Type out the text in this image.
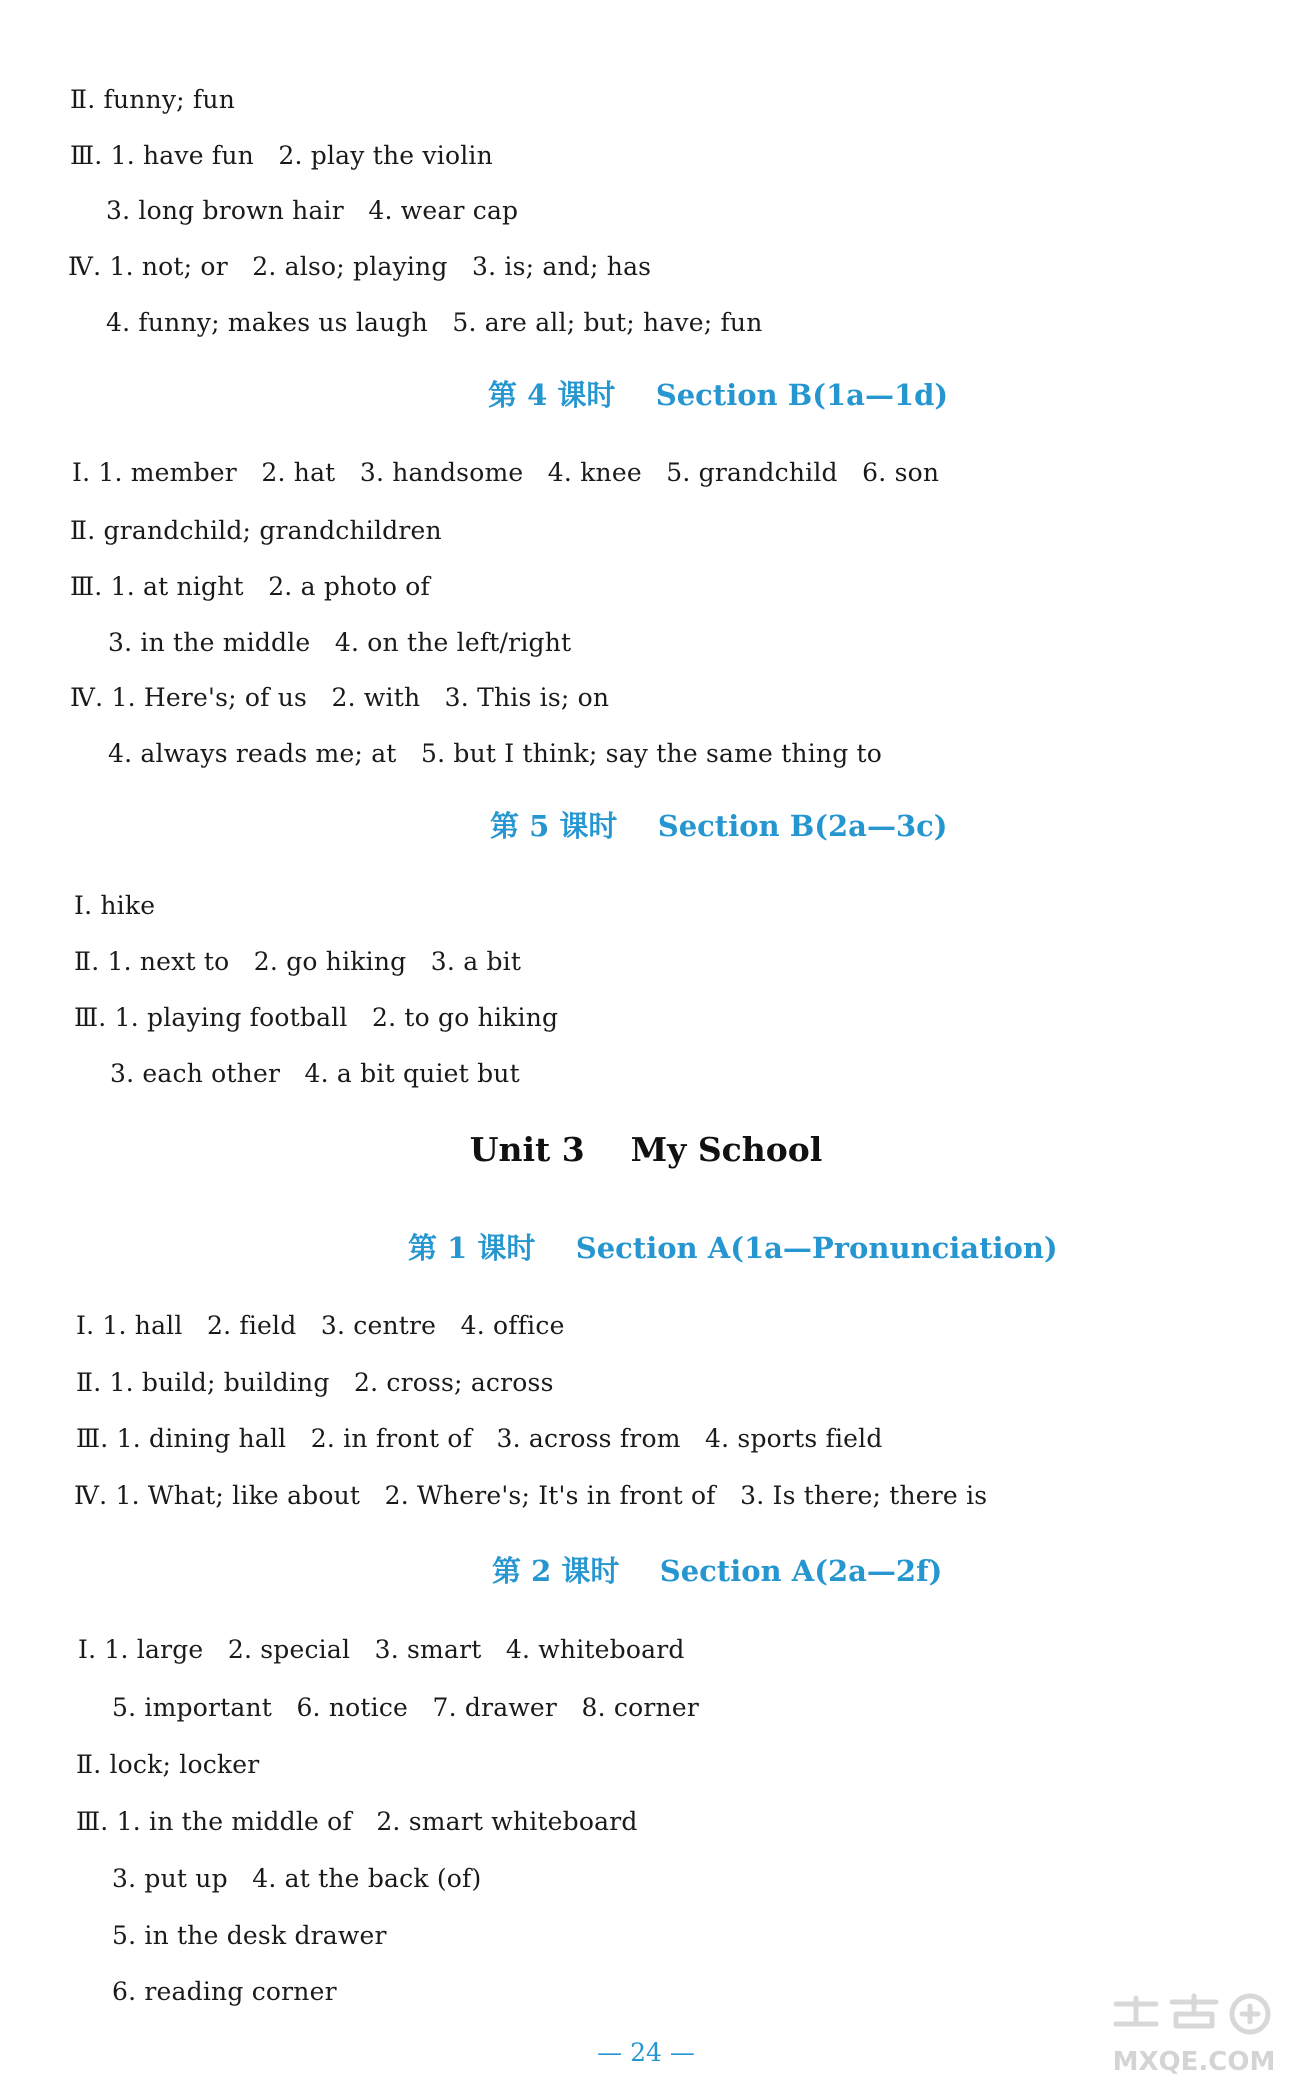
Ⅱ. funny; fun
Ⅲ. 1. have fun   2. play the violin
3. long brown hair   4. wear cap
Ⅳ. 1. not; or   2. also; playing   3. is; and; has
4. funny; makes us laugh   5. are all; but; have; fun
第 4 课时    Section B(1a—1d)
Ⅰ. 1. member   2. hat   3. handsome   4. knee   5. grandchild   6. son
Ⅱ. grandchild; grandchildren
Ⅲ. 1. at night   2. a photo of
3. in the middle   4. on the left/right
Ⅳ. 1. Here's; of us   2. with   3. This is; on
4. always reads me; at   5. but I think; say the same thing to
第 5 课时    Section B(2a—3c)
Ⅰ. hike
Ⅱ. 1. next to   2. go hiking   3. a bit
Ⅲ. 1. playing football   2. to go hiking
3. each other   4. a bit quiet but
Unit 3    My School
第 1 课时    Section A(1a—Pronunciation)
Ⅰ. 1. hall   2. field   3. centre   4. office
Ⅱ. 1. build; building   2. cross; across
Ⅲ. 1. dining hall   2. in front of   3. across from   4. sports field
Ⅳ. 1. What; like about   2. Where's; It's in front of   3. Is there; there is
第 2 课时    Section A(2a—2f)
Ⅰ. 1. large   2. special   3. smart   4. whiteboard
5. important   6. notice   7. drawer   8. corner
Ⅱ. lock; locker
Ⅲ. 1. in the middle of   2. smart whiteboard
3. put up   4. at the back (of)
5. in the desk drawer
6. reading corner
— 24 —	MXQE.COM
